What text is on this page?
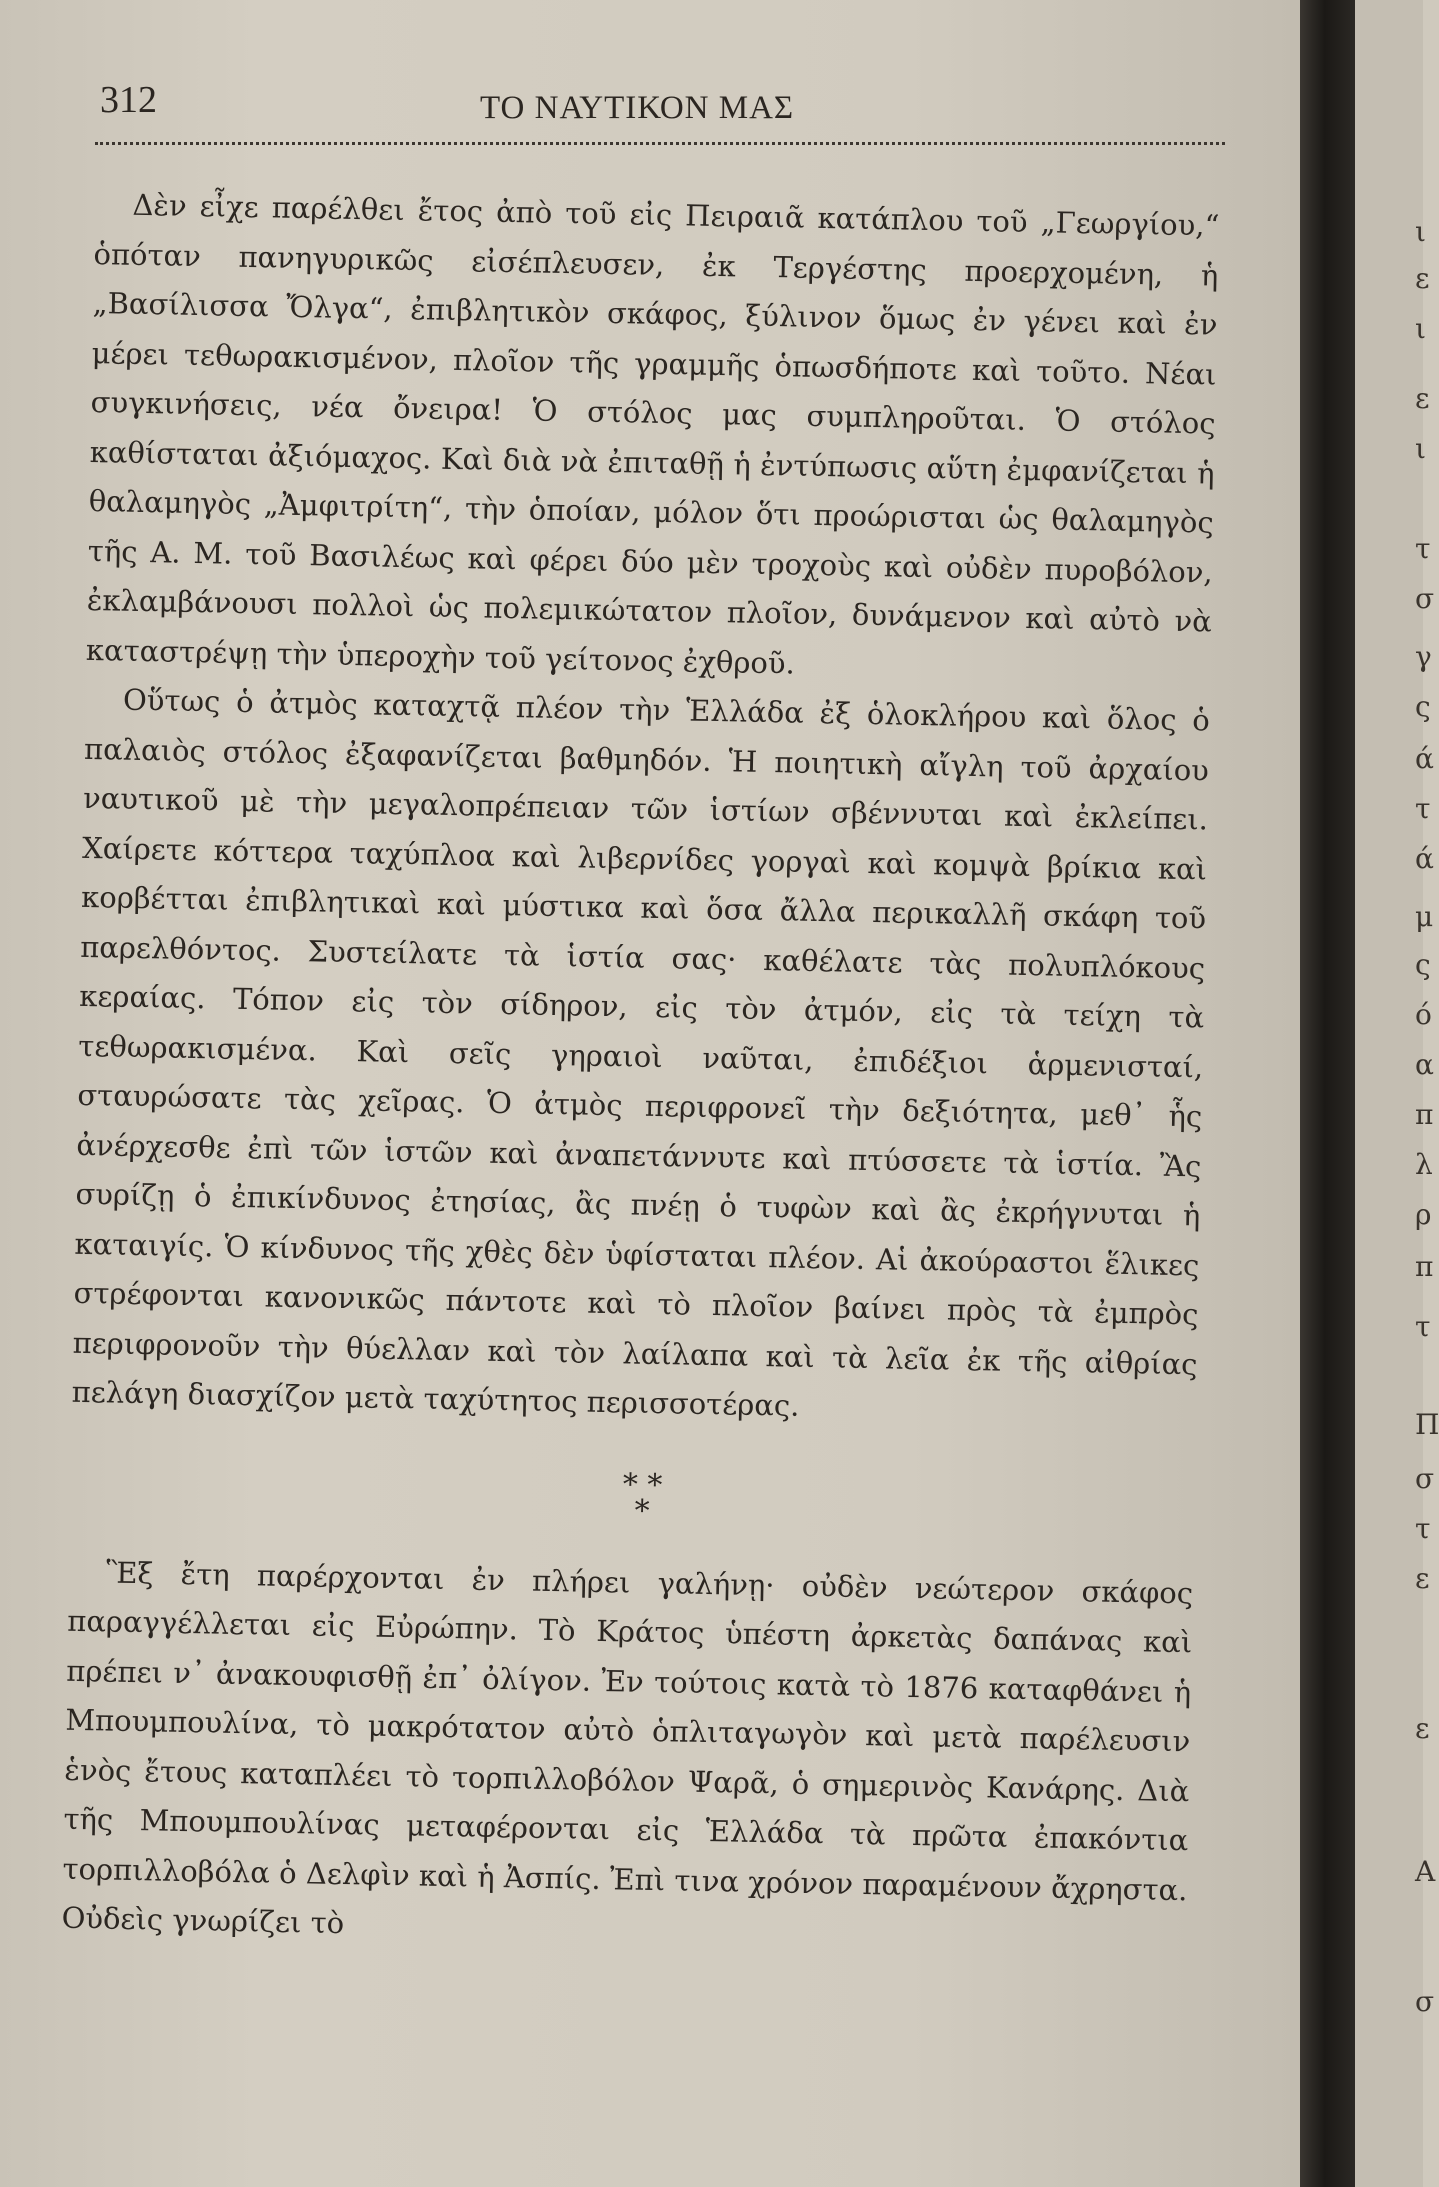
312	ΤΟ ΝΑΥΤΙΚΟΝ ΜΑΣ

Δὲν εἶχε παρέλθει ἔτος ἀπὸ τοῦ εἰς Πειραιᾶ κατάπλου τοῦ „Γεωργίου,“ ὁπόταν πανηγυρικῶς εἰσέπλευσεν, ἐκ Τεργέστης προερχομένη, ἡ „Βασίλισσα Ὄλγα“, ἐπιβλητικὸν σκάφος, ξύλινον ὅμως ἐν γένει καὶ ἐν μέρει τεθωρακισμένον, πλοῖον τῆς γραμμῆς ὁπωσδήποτε καὶ τοῦτο. Νέαι συγκινήσεις, νέα ὄνειρα! Ὁ στόλος μας συμπληροῦται. Ὁ στόλος καθίσταται ἀξιόμαχος. Καὶ διὰ νὰ ἐπιταθῇ ἡ ἐντύπωσις αὕτη ἐμφανίζεται ἡ θαλαμηγὸς „Ἀμφιτρίτη“, τὴν ὁποίαν, μόλον ὅτι προώρισται ὡς θαλαμηγὸς τῆς Α. Μ. τοῦ Βασιλέως καὶ φέρει δύο μὲν τροχοὺς καὶ οὐδὲν πυροβόλον, ἐκλαμβάνουσι πολλοὶ ὡς πολεμικώτατον πλοῖον, δυνάμενον καὶ αὐτὸ νὰ καταστρέψῃ τὴν ὑπεροχὴν τοῦ γείτονος ἐχθροῦ.

Οὕτως ὁ ἀτμὸς καταχτᾷ πλέον τὴν Ἑλλάδα ἐξ ὁλοκλήρου καὶ ὅλος ὁ παλαιὸς στόλος ἐξαφανίζεται βαθμηδόν. Ἡ ποιητικὴ αἴγλη τοῦ ἀρχαίου ναυτικοῦ μὲ τὴν μεγαλοπρέπειαν τῶν ἱστίων σβέννυται καὶ ἐκλείπει. Χαίρετε κόττερα ταχύπλοα καὶ λιβερνίδες γοργαὶ καὶ κομψὰ βρίκια καὶ κορβέτται ἐπιβλητικαὶ καὶ μύστικα καὶ ὅσα ἄλλα περικαλλῆ σκάφη τοῦ παρελθόντος. Συστείλατε τὰ ἱστία σας· καθέλατε τὰς πολυπλόκους κεραίας. Τόπον εἰς τὸν σίδηρον, εἰς τὸν ἀτμόν, εἰς τὰ τείχη τὰ τεθωρακισμένα. Καὶ σεῖς γηραιοὶ ναῦται, ἐπιδέξιοι ἁρμενισταί, σταυρώσατε τὰς χεῖρας. Ὁ ἀτμὸς περιφρονεῖ τὴν δεξιότητα, μεθ᾽ ἧς ἀνέρχεσθε ἐπὶ τῶν ἱστῶν καὶ ἀναπετάννυτε καὶ πτύσσετε τὰ ἱστία. Ἂς συρίζῃ ὁ ἐπικίνδυνος ἐτησίας, ἂς πνέῃ ὁ τυφὼν καὶ ἂς ἐκρήγνυται ἡ καταιγίς. Ὁ κίνδυνος τῆς χθὲς δὲν ὑφίσταται πλέον. Αἱ ἀκούραστοι ἕλικες στρέφονται κανονικῶς πάντοτε καὶ τὸ πλοῖον βαίνει πρὸς τὰ ἐμπρὸς περιφρονοῦν τὴν θύελλαν καὶ τὸν λαίλαπα καὶ τὰ λεῖα ἐκ τῆς αἰθρίας πελάγη διασχίζον μετὰ ταχύτητος περισσοτέρας.

* *
*

Ἓξ ἔτη παρέρχονται ἐν πλήρει γαλήνῃ· οὐδὲν νεώτερον σκάφος παραγγέλλεται εἰς Εὐρώπην. Τὸ Κράτος ὑπέστη ἀρκετὰς δαπάνας καὶ πρέπει ν᾽ ἀνακουφισθῇ ἐπ᾽ ὀλίγον. Ἐν τούτοις κατὰ τὸ 1876 καταφθάνει ἡ Μπουμπουλίνα, τὸ μακρότατον αὐτὸ ὁπλιταγωγὸν καὶ μετὰ παρέλευσιν ἑνὸς ἔτους καταπλέει τὸ τορπιλλοβόλον Ψαρᾶ, ὁ σημερινὸς Κανάρης. Διὰ τῆς Μπουμπουλίνας μεταφέρονται εἰς Ἑλλάδα τὰ πρῶτα ἐπακόντια τορπιλλοβόλα ὁ Δελφὶν καὶ ἡ Ἀσπίς. Ἐπὶ τινα χρόνον παραμένουν ἄχρηστα. Οὐδεὶς γνωρίζει τὸ

ι
ε
ι
ε
ι
τ
σ
γ
ς
ά
τ
ά
μ
ς
ό
α
π
λ
ρ
π
τ
Π
σ
τ
ε
ε
Α
σ
